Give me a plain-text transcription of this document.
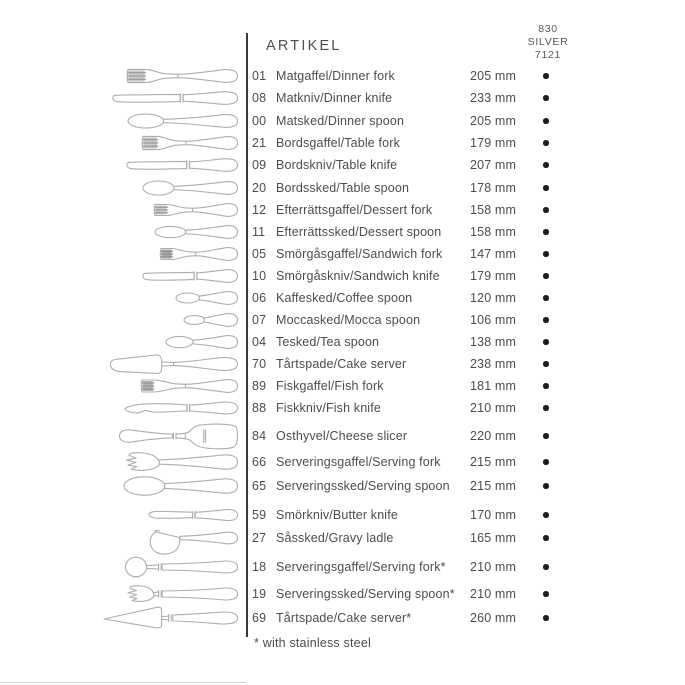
ARTIKEL
830
SILVER
7121
01 Matgaffel/Dinner fork	205 mm
08 Matkniv/Dinner knife	233 mm
00 Matsked/Dinner spoon	205 mm
21 Bordsgaffel/Table fork	179 mm
09 Bordskniv/Table knife	207 mm
20 Bordssked/Table spoon	178 mm
12 Efterrättsgaffel/Dessert fork	158 mm
11 Efterrättssked/Dessert spoon 158 mm
05 Smörgåsgaffel/Sandwich fork 147 mm
10 Smörgåskniv/Sandwich knife 179 mm
06 Kaffesked/Coffee spoon	120 mm
07 Moccasked/Mocca spoon	106 mm
04 Tesked/Tea spoon	138 mm
70 Tårtspade/Cake server	238 mm
89 Fiskgaffel/Fish fork	181 mm
88 Fiskkniv/Fish knife	210 mm
84 Osthyvel/Cheese slicer	220 mm
66 Serveringsgaffel/Serving fork 215 mm
65 Serveringssked/Serving spoon 215 mm
59 Smörkniv/Butter knife	170 mm
27 Såssked/Gravy ladle	165 mm
18 Serveringsgaffel/Serving fork* 210 mm
19 Serveringssked/Serving spoon* 210 mm
69 Tårtspade/Cake server*	260 mm
* with stainless steel
